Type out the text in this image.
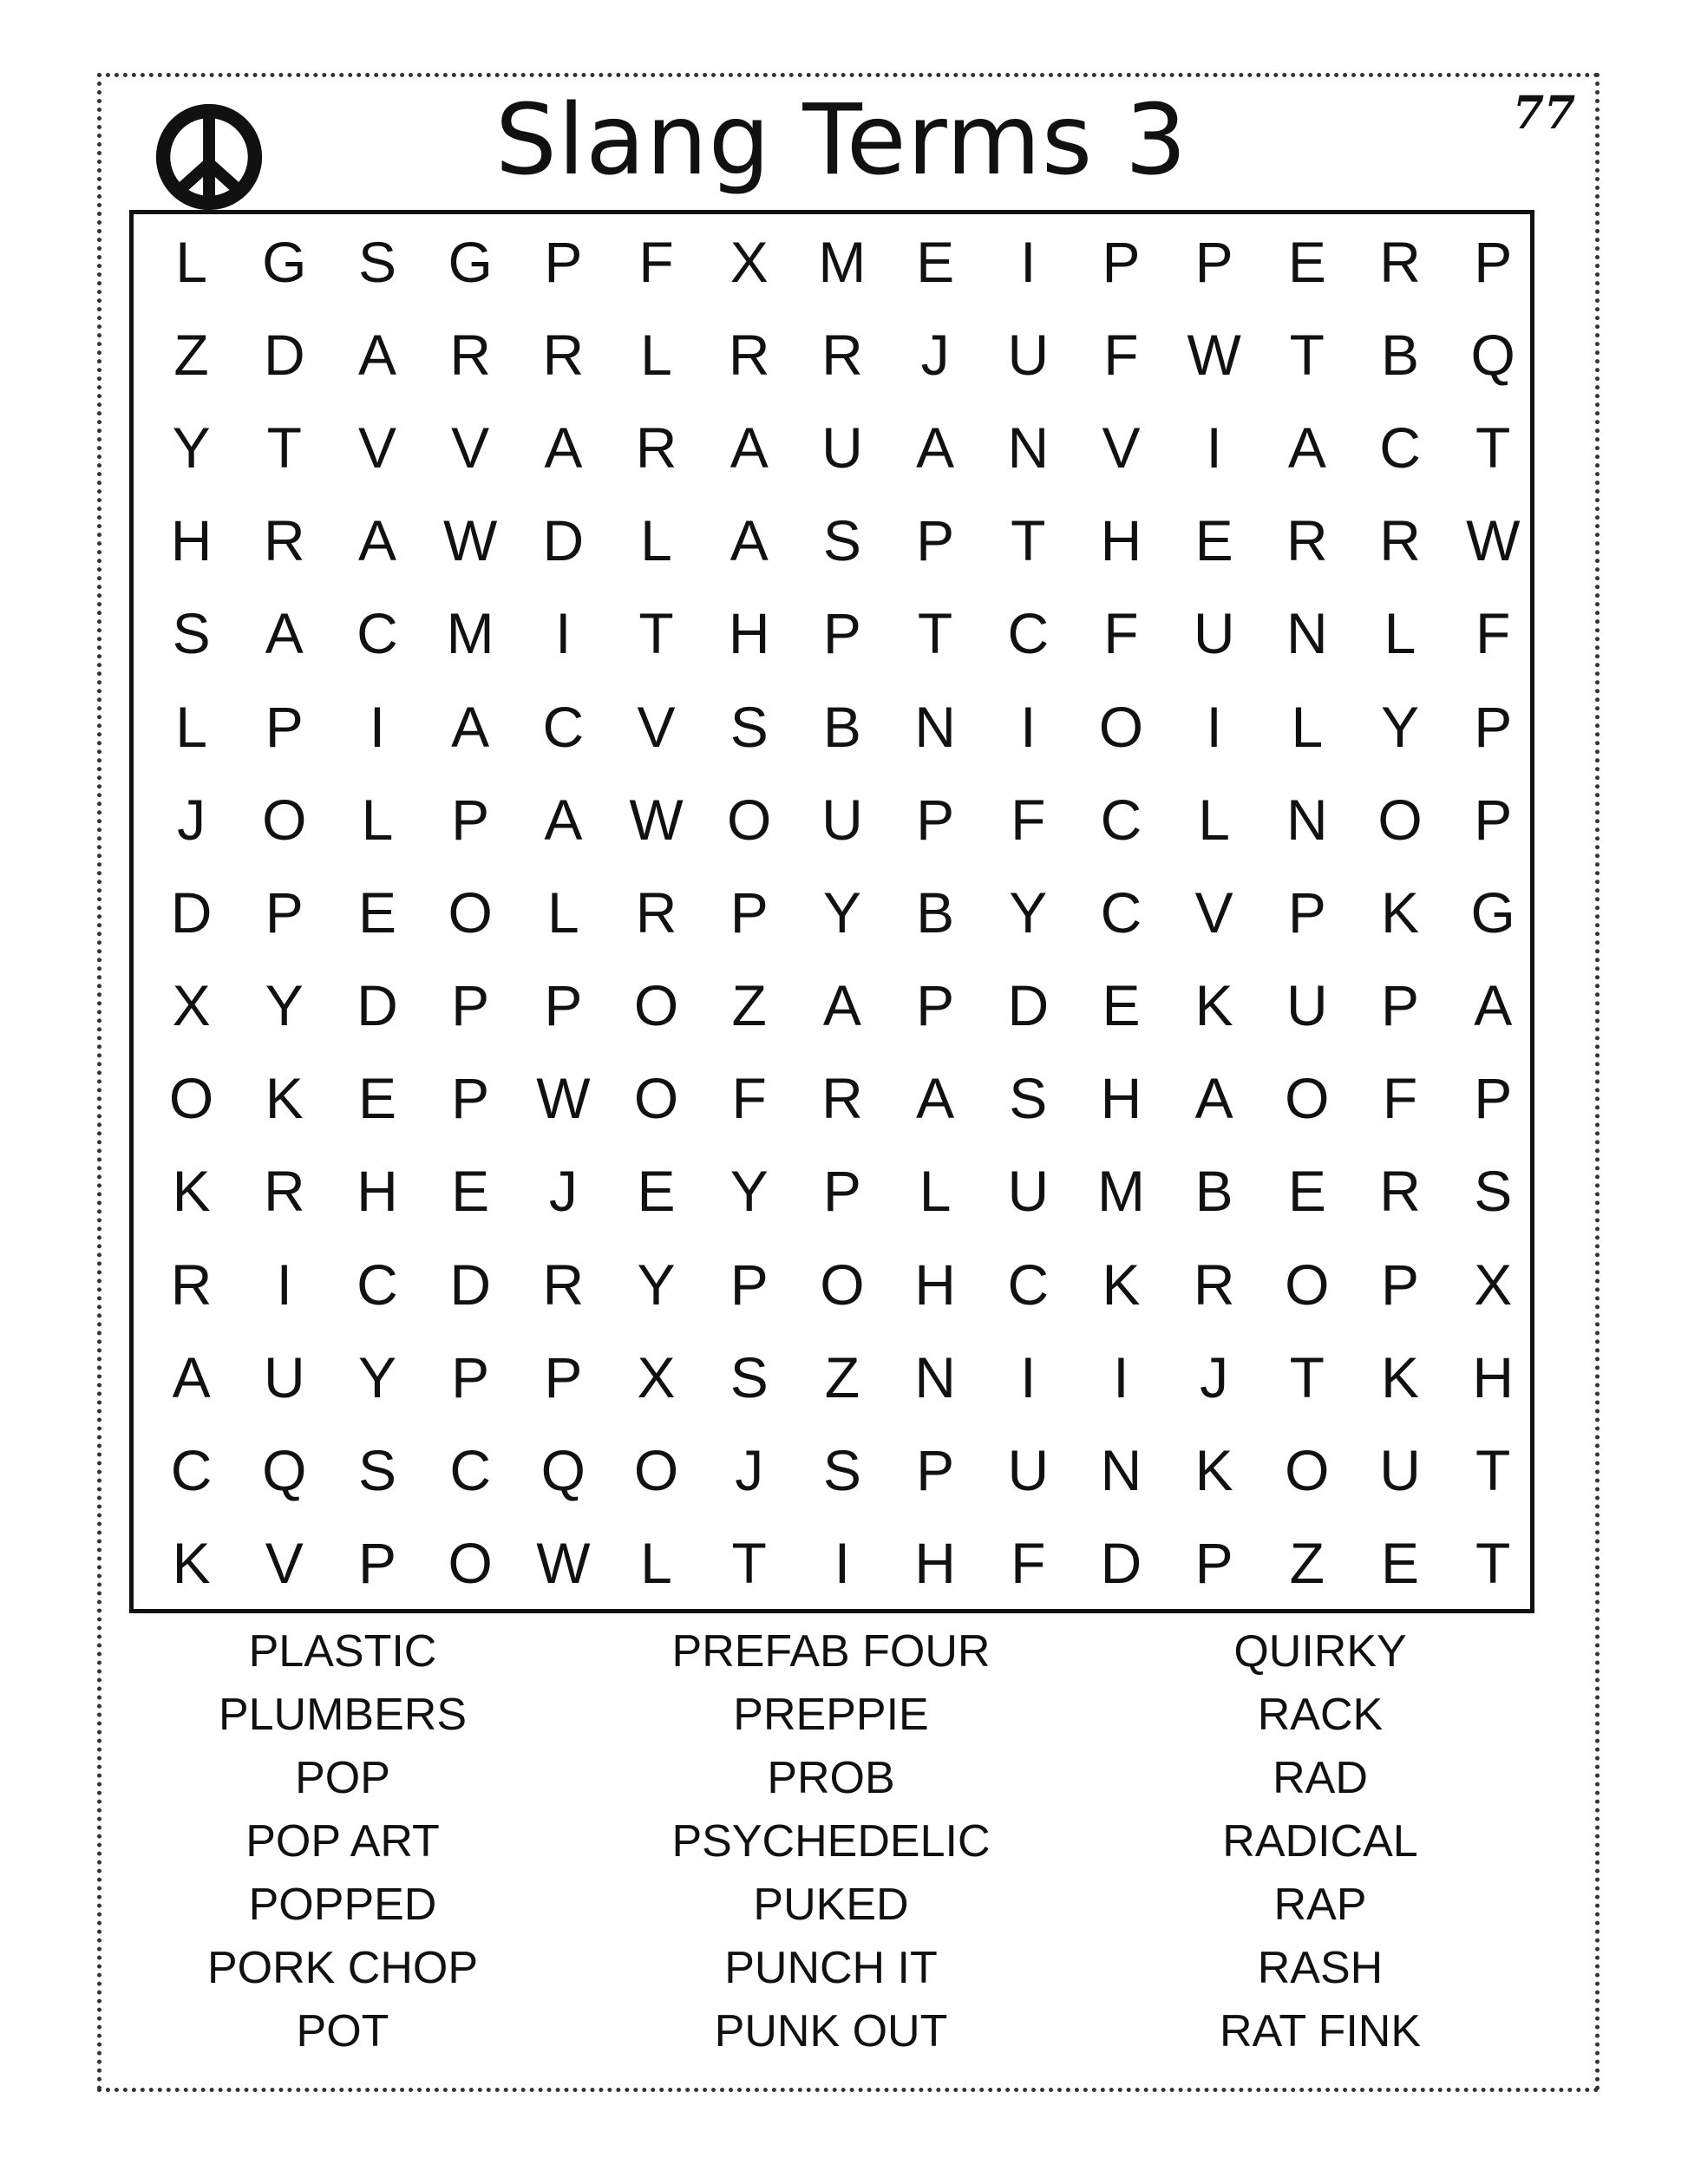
Slang Terms 3	77
L G S G P F X M E	I	P P E R P
Z D A R R L R R	J	U F W T B Q
Y T V V A R A U A N V	I	A C T
H R A W D L	A S P T H E R R W
S A C M	I	T H P T C F U N L	F
L	P	I	A C V S B N	I	O	I	L	Y P
J O L	P A W O U P F C L N O P
D P E O L R P Y B Y C V P K G
X Y D P P O Z A P D E K U P A
O K E P W O F R A S H A O F P
K R H E	J	E Y P	L U M B E R S
R	I	C D R Y P O H C K R O P X
A U Y P P X S Z N	I	I	J	T K H
C Q S C Q O J	S P U N K O U T
K V P O W L	T	I	H F D P Z E T
PLASTIC
PLUMBERS
POP
POP ART
POPPED
PORK CHOP
POT
PREFAB FOUR
PREPPIE
PROB
PSYCHEDELIC
PUKED
PUNCH IT
PUNK OUT
QUIRKY
RACK
RAD
RADICAL
RAP
RASH
RAT FINK
